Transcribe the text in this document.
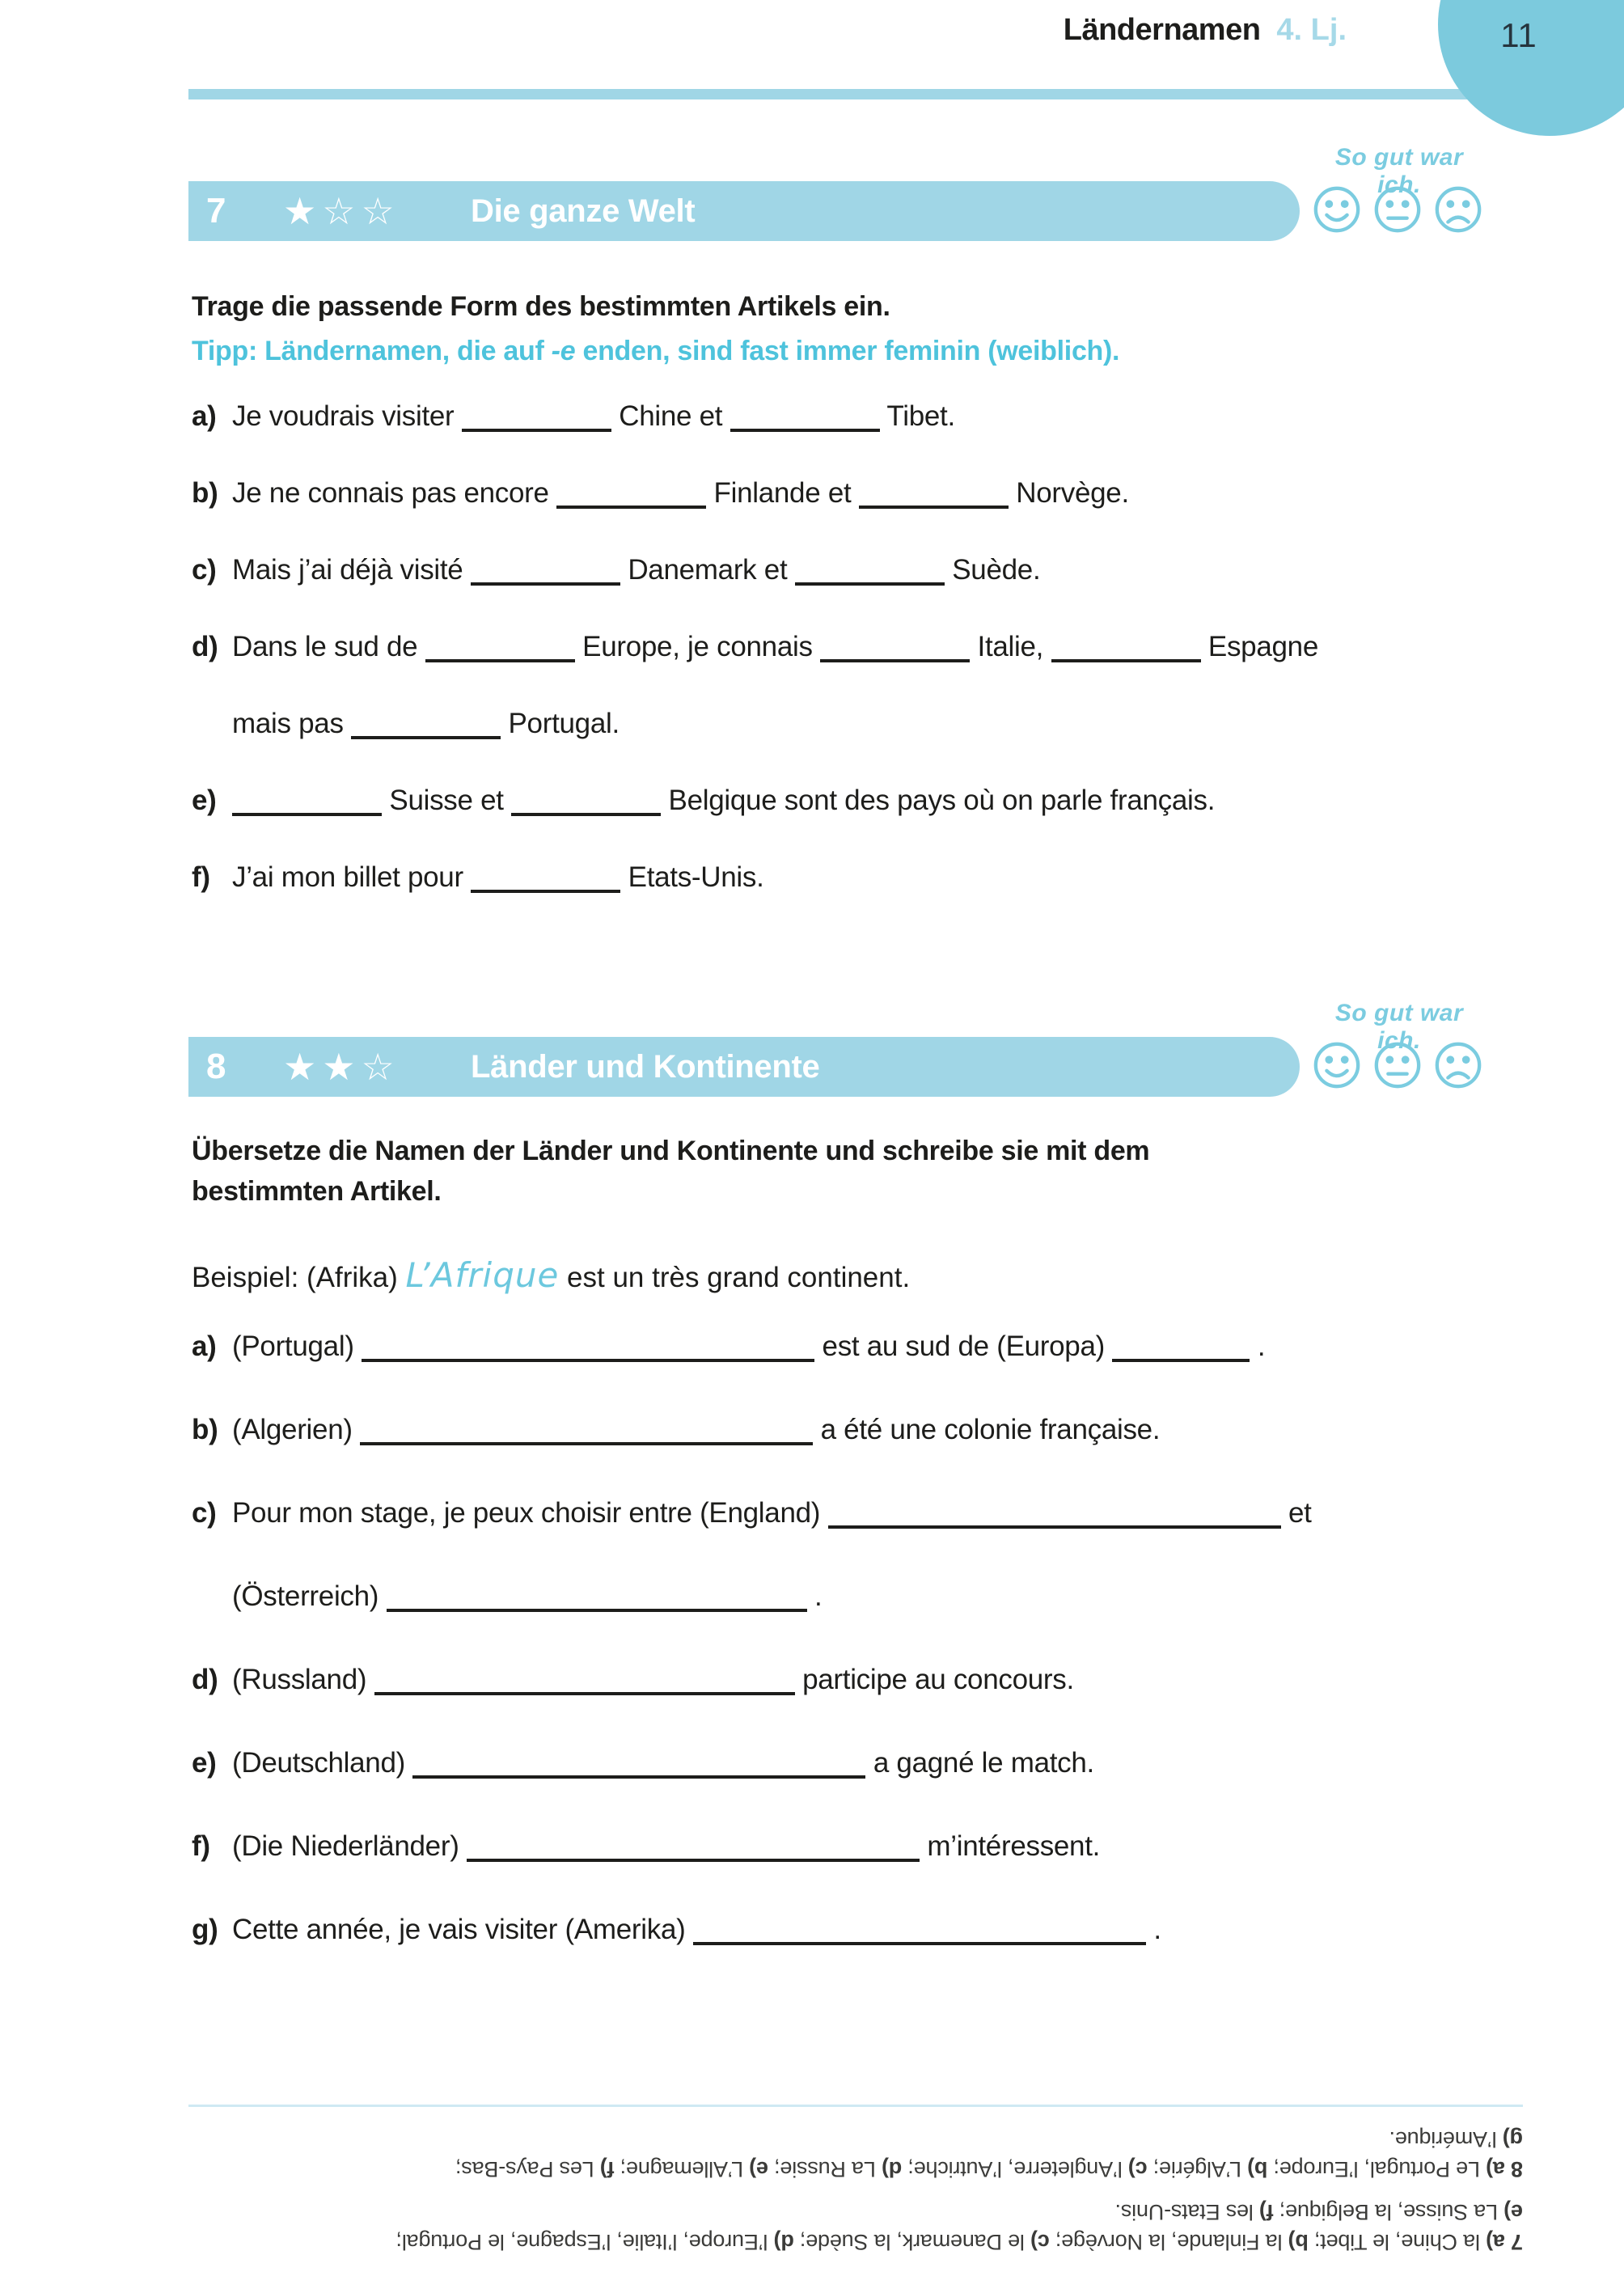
Ländernamen 4. Lj.	11
So gut war ich.
7	★☆☆	Die ganze Welt
Trage die passende Form des bestimmten Artikels ein.
Tipp: Ländernamen, die auf -e enden, sind fast immer feminin (weiblich).
a) Je voudrais visiter	Chine et	Tibet.
b) Je ne connais pas encore	Finlande et	Norvège.
c) Mais j’ai déjà visité	Danemark et	Suède.
d) Dans le sud de	Europe, je connais	Italie,	Espagne
mais pas	Portugal.
e)	Suisse et	Belgique sont des pays où on parle français.
f) J’ai mon billet pour	Etats-Unis.
So gut war ich.
8	★★☆	Länder und Kontinente
Übersetze die Namen der Länder und Kontinente und schreibe sie mit dem
bestimmten Artikel.
Beispiel: (Afrika) L’Afrique est un très grand continent.
a) (Portugal)	est au sud de (Europa)	.
b) (Algerien)	a été une colonie française.
c) Pour mon stage, je peux choisir entre (England)	et
(Österreich)	.
d) (Russland)	participe au concours.
e) (Deutschland)	a gagné le match.
f) (Die Niederländer)	m’intéressent.
g) Cette année, je vais visiter (Amerika)	.
7 a) la Chine, le Tibet; b) la Finlande, la Norvège; c) le Danemark, la Suède; d) l’Europe, l’Italie, l’Espagne, le Portugal;
e) La Suisse, la Belgique; f) les Etats-Unis.
8 a) Le Portugal, l’Europe; b) L’Algérie; c) l’Angleterre, l’Autriche; d) La Russie; e) L’Allemagne; f) Les Pays-Bas;
g) l’Amérique.
